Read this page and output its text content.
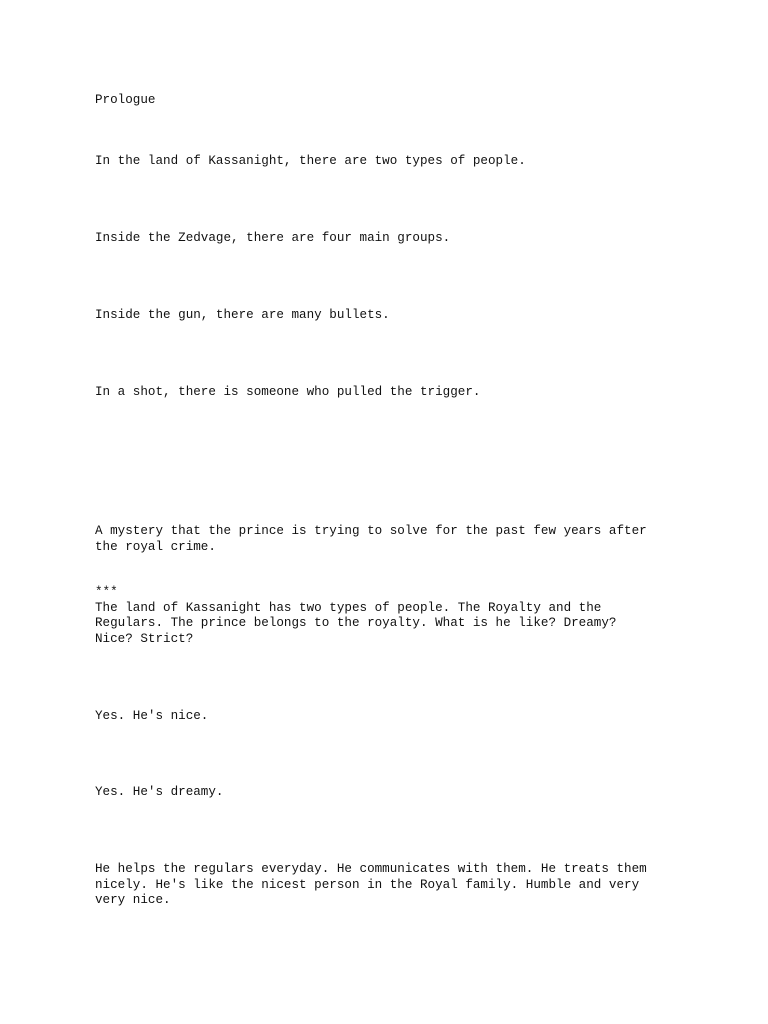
Prologue

In the land of Kassanight, there are two types of people.

Inside the Zedvage, there are four main groups.

Inside the gun, there are many bullets.

In a shot, there is someone who pulled the trigger.

A mystery that the prince is trying to solve for the past few years after
the royal crime.

***
The land of Kassanight has two types of people. The Royalty and the
Regulars. The prince belongs to the royalty. What is he like? Dreamy?
Nice? Strict?

Yes. He's nice.

Yes. He's dreamy.

He helps the regulars everyday. He communicates with them. He treats them
nicely. He's like the nicest person in the Royal family. Humble and very
very nice.
